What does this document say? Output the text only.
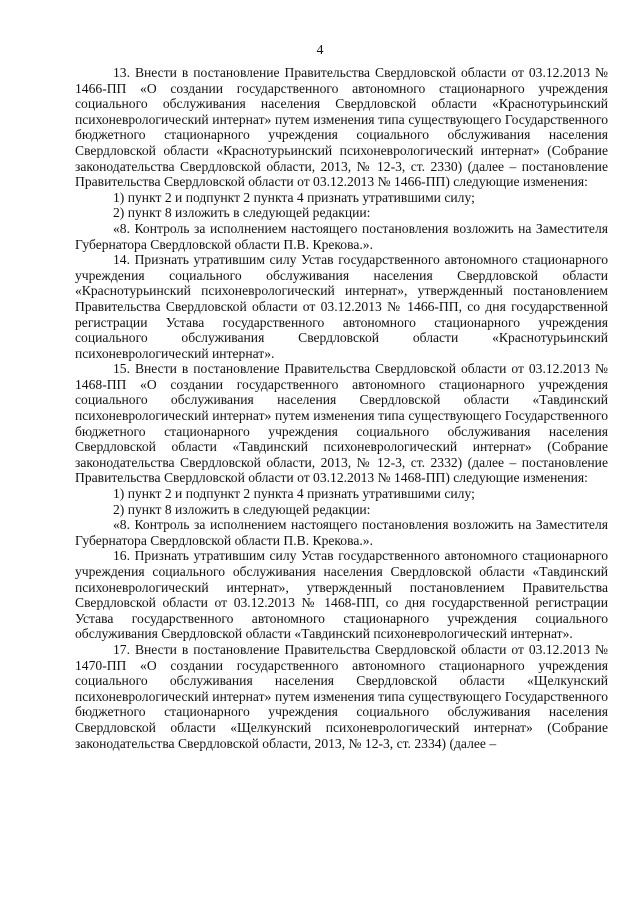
4

13. Внести в постановление Правительства Свердловской области от 03.12.2013 № 1466-ПП «О создании государственного автономного стационарного учреждения социального обслуживания населения Свердловской области «Краснотурьинский психоневрологический интернат» путем изменения типа существующего Государственного бюджетного стационарного учреждения социального обслуживания населения Свердловской области «Краснотурьинский психоневрологический интернат» (Собрание законодательства Свердловской области, 2013, № 12-3, ст. 2330) (далее – постановление Правительства Свердловской области от 03.12.2013 № 1466-ПП) следующие изменения:

1) пункт 2 и подпункт 2 пункта 4 признать утратившими силу;

2) пункт 8 изложить в следующей редакции:

«8. Контроль за исполнением настоящего постановления возложить на Заместителя Губернатора Свердловской области П.В. Крекова.».

14. Признать утратившим силу Устав государственного автономного стационарного учреждения социального обслуживания населения Свердловской области «Краснотурьинский психоневрологический интернат», утвержденный постановлением Правительства Свердловской области от 03.12.2013 № 1466-ПП, со дня государственной регистрации Устава государственного автономного стационарного учреждения социального обслуживания Свердловской области «Краснотурьинский психоневрологический интернат».

15. Внести в постановление Правительства Свердловской области от 03.12.2013 № 1468-ПП «О создании государственного автономного стационарного учреждения социального обслуживания населения Свердловской области «Тавдинский психоневрологический интернат» путем изменения типа существующего Государственного бюджетного стационарного учреждения социального обслуживания населения Свердловской области «Тавдинский психоневрологический интернат» (Собрание законодательства Свердловской области, 2013, № 12-3, ст. 2332) (далее – постановление Правительства Свердловской области от 03.12.2013 № 1468-ПП) следующие изменения:

1) пункт 2 и подпункт 2 пункта 4 признать утратившими силу;

2) пункт 8 изложить в следующей редакции:

«8. Контроль за исполнением настоящего постановления возложить на Заместителя Губернатора Свердловской области П.В. Крекова.».

16. Признать утратившим силу Устав государственного автономного стационарного учреждения социального обслуживания населения Свердловской области «Тавдинский психоневрологический интернат», утвержденный постановлением Правительства Свердловской области от 03.12.2013 № 1468-ПП, со дня государственной регистрации Устава государственного автономного стационарного учреждения социального обслуживания Свердловской области «Тавдинский психоневрологический интернат».

17. Внести в постановление Правительства Свердловской области от 03.12.2013 № 1470-ПП «О создании государственного автономного стационарного учреждения социального обслуживания населения Свердловской области «Щелкунский психоневрологический интернат» путем изменения типа существующего Государственного бюджетного стационарного учреждения социального обслуживания населения Свердловской области «Щелкунский психоневрологический интернат» (Собрание законодательства Свердловской области, 2013, № 12-3, ст. 2334) (далее –
